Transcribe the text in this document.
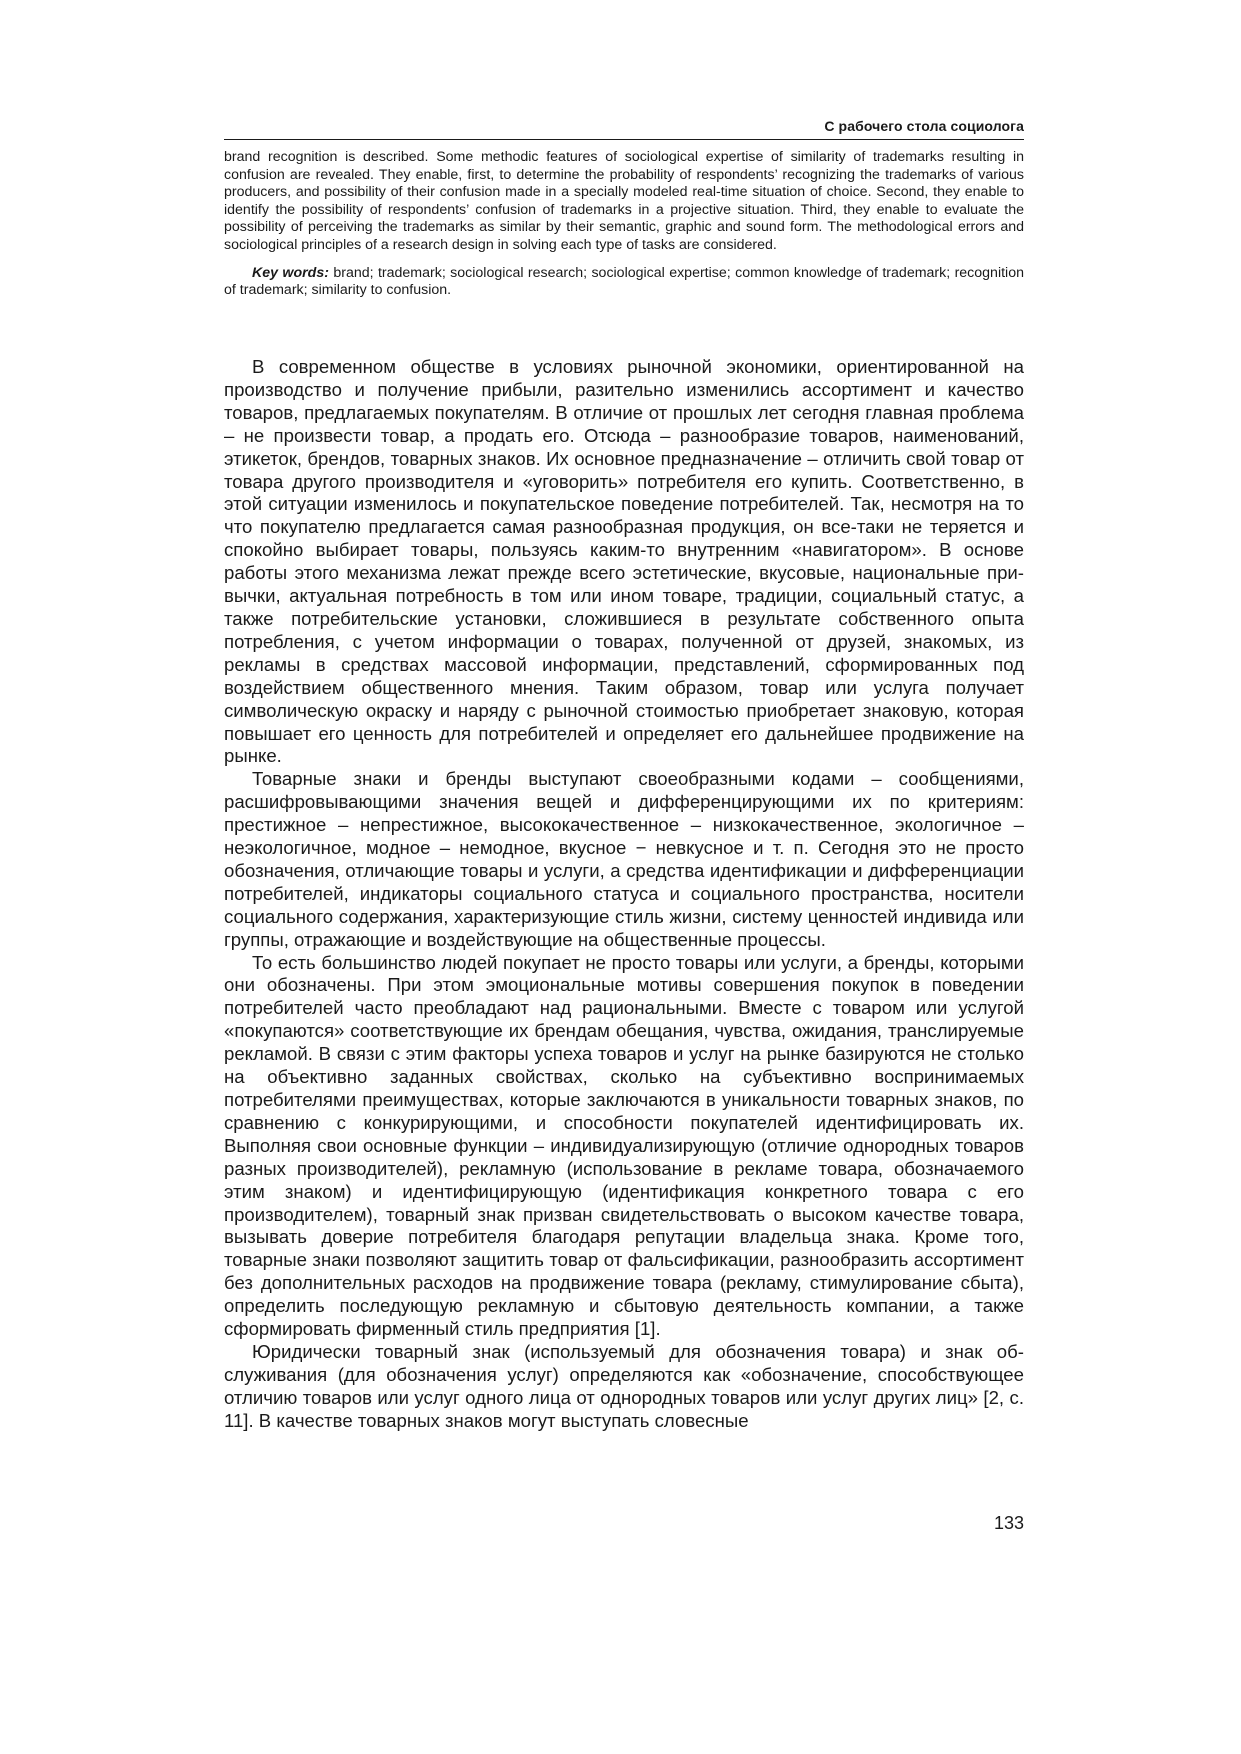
С рабочего стола социолога

brand recognition is described. Some methodic features of sociological expertise of similarity of trademarks resulting in confusion are revealed. They enable, first, to determine the probability of respondents’ recognizing the trademarks of various producers, and possibility of their confusion made in a specially modeled real-time situation of choice. Second, they enable to identify the possibility of respondents’ confusion of trademarks in a projective situation. Third, they enable to evaluate the possibility of perceiving the trademarks as similar by their semantic, graphic and sound form. The methodological errors and sociological principles of a research design in solving each type of tasks are considered.

Key words: brand; trademark; sociological research; sociological expertise; common knowledge of trademark; recognition of trademark; similarity to confusion.

В современном обществе в условиях рыночной экономики, ориентированной на производство и получение прибыли, разительно изменились ассортимент и качество товаров, предлагаемых покупателям. В отличие от прошлых лет сегодня главная проблема – не произвести товар, а продать его. Отсюда – разнообразие товаров, наименований, этикеток, брендов, товарных знаков. Их основное предназначение – отличить свой товар от товара другого производителя и «уговорить» потребителя его купить. Соответственно, в этой ситуации изменилось и покупательское поведение потребителей. Так, несмотря на то что покупателю предлагается самая разнообразная продукция, он все-таки не теряется и спокойно выбирает товары, пользуясь каким-то внутренним «навигатором». В основе работы этого механизма лежат прежде всего эстетические, вкусовые, национальные привычки, актуальная потребность в том или ином товаре, традиции, социальный статус, а также потребительские установки, сложившиеся в результате собственного опыта потребления, с учетом информации о товарах, полученной от друзей, знакомых, из рекламы в средствах массовой информации, представлений, сформированных под воздействием общественного мнения. Таким образом, товар или услуга получает символическую окраску и наряду с рыночной стоимостью приобретает знаковую, которая повышает его ценность для потребителей и определяет его дальнейшее продвижение на рынке.

Товарные знаки и бренды выступают своеобразными кодами – сообщениями, расшифровывающими значения вещей и дифференцирующими их по критериям: престижное – непрестижное, высококачественное – низкокачественное, экологичное – неэкологичное, модное – немодное, вкусное − невкусное и т. п. Сегодня это не просто обозначения, отличающие товары и услуги, а средства идентификации и дифференциации потребителей, индикаторы социального статуса и социального пространства, носители социального содержания, характеризующие стиль жизни, систему ценностей индивида или группы, отражающие и воздействующие на общественные процессы.

То есть большинство людей покупает не просто товары или услуги, а бренды, которыми они обозначены. При этом эмоциональные мотивы совершения покупок в поведении потребителей часто преобладают над рациональными. Вместе с товаром или услугой «покупаются» соответствующие их брендам обещания, чувства, ожидания, транслируемые рекламой. В связи с этим факторы успеха товаров и услуг на рынке базируются не столько на объективно заданных свойствах, сколько на субъективно воспринимаемых потребителями преимуществах, которые заключаются в уникальности товарных знаков, по сравнению с конкурирующими, и способности покупателей идентифицировать их. Выполняя свои основные функции – индивидуализирующую (отличие однородных товаров разных производителей), рекламную (использование в рекламе товара, обозначаемого этим знаком) и идентифицирующую (идентификация конкретного товара с его производителем), товарный знак призван свидетельствовать о высоком качестве товара, вызывать доверие потребителя благодаря репутации владельца знака. Кроме того, товарные знаки позволяют защитить товар от фальсификации, разнообразить ассортимент без дополнительных расходов на продвижение товара (рекламу, стимулирование сбыта), определить последующую рекламную и сбытовую деятельность компании, а также сформировать фирменный стиль предприятия [1].

Юридически товарный знак (используемый для обозначения товара) и знак обслуживания (для обозначения услуг) определяются как «обозначение, способствующее отличию товаров или услуг одного лица от однородных товаров или услуг других лиц» [2, с. 11]. В качестве товарных знаков могут выступать словесные

133
